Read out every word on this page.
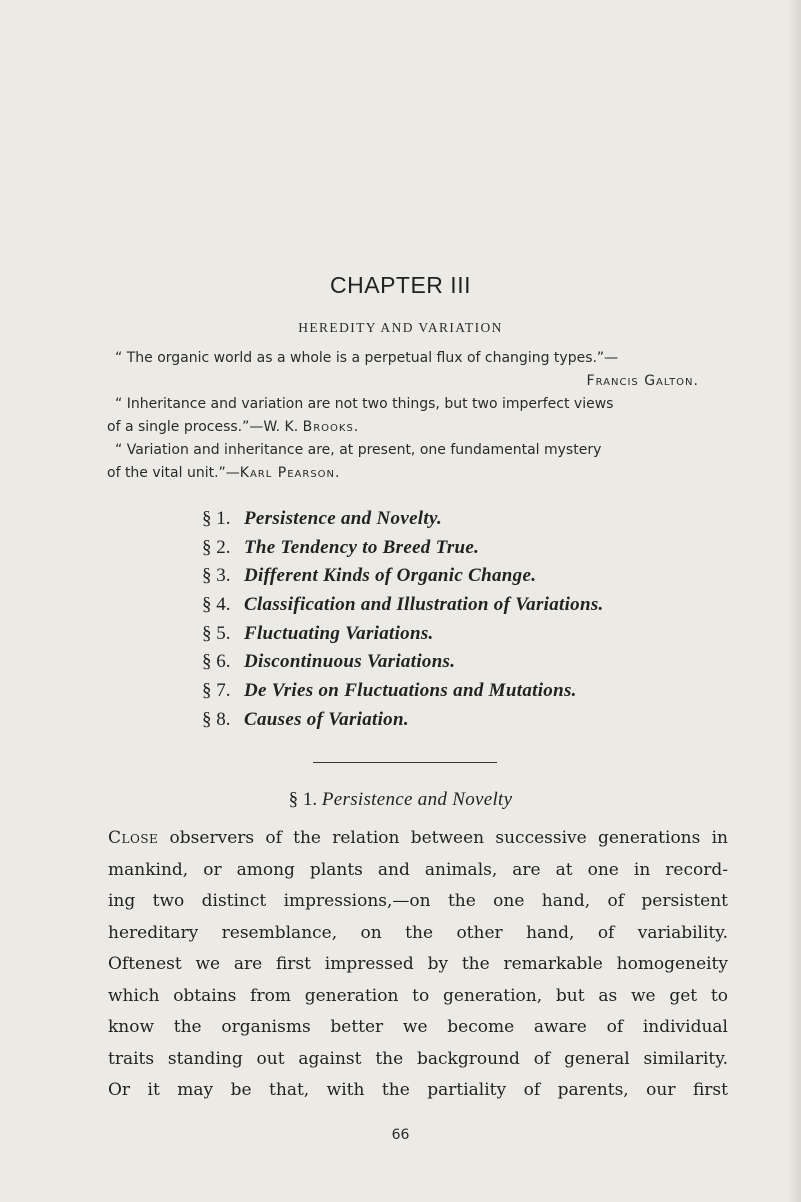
CHAPTER III
HEREDITY AND VARIATION
“ The organic world as a whole is a perpetual flux of changing types.”—
Francis Galton.
“ Inheritance and variation are not two things, but two imperfect views
of a single process.”—W. K. Brooks.
“ Variation and inheritance are, at present, one fundamental mystery
of the vital unit.”—Karl Pearson.
§ 1. Persistence and Novelty.
§ 2. The Tendency to Breed True.
§ 3. Different Kinds of Organic Change.
§ 4. Classification and Illustration of Variations.
§ 5. Fluctuating Variations.
§ 6. Discontinuous Variations.
§ 7. De Vries on Fluctuations and Mutations.
§ 8. Causes of Variation.
§ 1. Persistence and Novelty
Close observers of the relation between successive generations in
mankind, or among plants and animals, are at one in record-
ing two distinct impressions,—on the one hand, of persistent
hereditary resemblance, on the other hand, of variability.
Oftenest we are first impressed by the remarkable homogeneity
which obtains from generation to generation, but as we get to
know the organisms better we become aware of individual
traits standing out against the background of general similarity.
Or it may be that, with the partiality of parents, our first
66
